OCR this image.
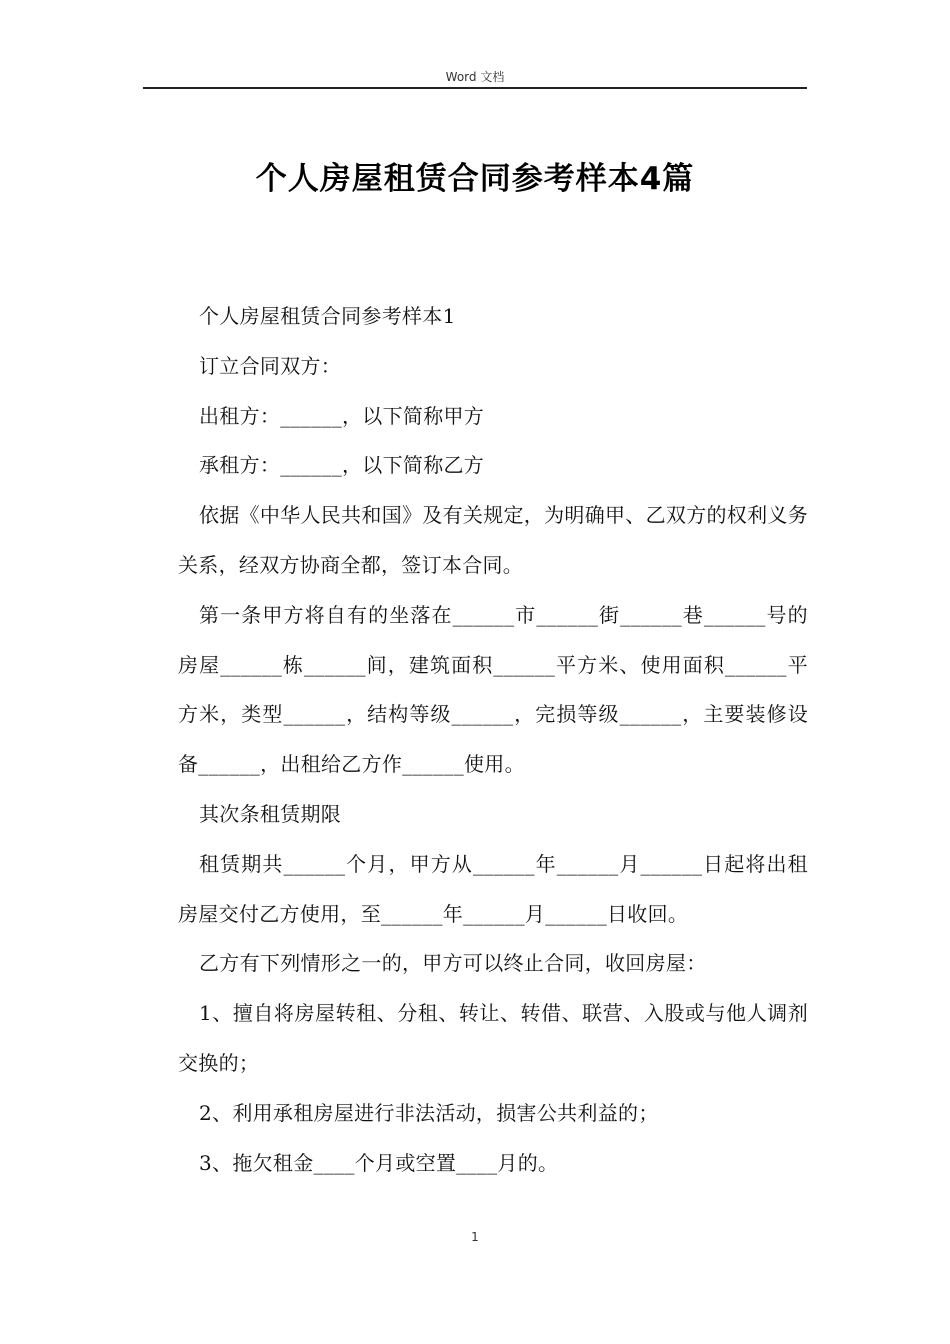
Word 文档
个人房屋租赁合同参考样本4篇

个人房屋租赁合同参考样本1

订立合同双方：

出租方：______，以下简称甲方

承租方：______，以下简称乙方

依据《中华人民共和国》及有关规定，为明确甲、乙双方的权利义务关系，经双方协商全都，签订本合同。

第一条甲方将自有的坐落在______市______街______巷______号的房屋______栋______间，建筑面积______平方米、使用面积______平方米，类型______，结构等级______，完损等级______，主要装修设备______，出租给乙方作______使用。

其次条租赁期限

租赁期共______个月，甲方从______年______月______日起将出租房屋交付乙方使用，至______年______月______日收回。

乙方有下列情形之一的，甲方可以终止合同，收回房屋：

1、擅自将房屋转租、分租、转让、转借、联营、入股或与他人调剂交换的；

2、利用承租房屋进行非法活动，损害公共利益的；

3、拖欠租金____个月或空置____月的。

1
